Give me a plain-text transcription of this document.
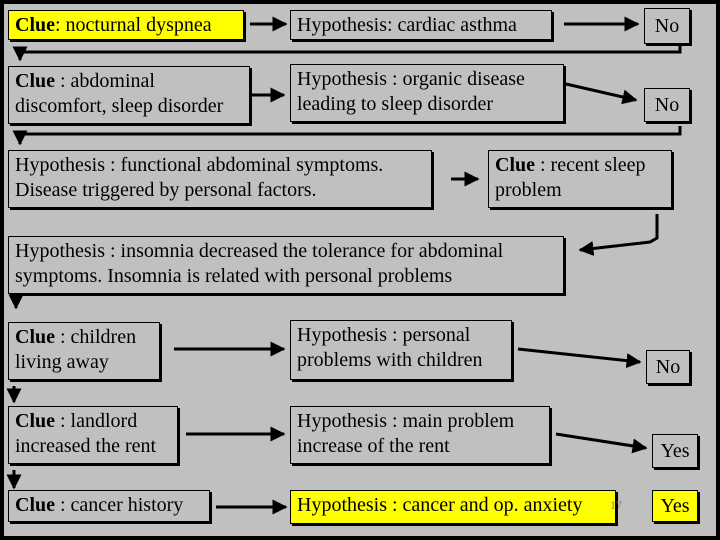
Clue: nocturnal dyspnea	Hypothesis: cardiac asthma	No
Clue : abdominal
discomfort, sleep disorder
Hypothesis : organic disease
leading to sleep disorder	No
Hypothesis : functional abdominal symptoms.
Disease triggered by personal factors.
Clue : recent sleep
problem
Hypothesis : insomnia decreased the tolerance for abdominal
symptoms. Insomnia is related with personal problems
Clue : children
living away
Hypothesis : personal
problems with children	No
Clue : landlord
increased the rent
Hypothesis : main problem
increase of the rent	Yes
Clue : cancer history	Hypothesis : cancer and op. anxiety	17	Yes
